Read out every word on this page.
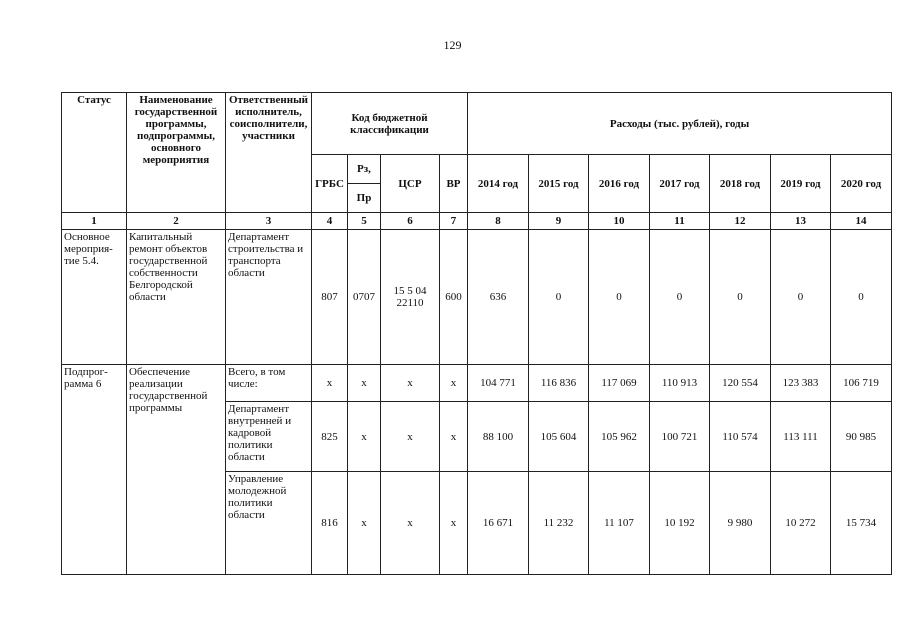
129
Статус	Наименование государственной программы, подпрограммы, основного мероприятия	Ответственный исполнитель, соисполнители, участники	Код бюджетной классификации				Расходы (тыс. рублей), годы						
			ГРБС	Рз,	ЦСР	ВР	2014 год	2015 год	2016 год	2017 год	2018 год	2019 год	2020 год
				Пр									
1	2	3	4	5	6	7	8	9	10	11	12	13	14
Основное мероприя-тие 5.4.	Капитальный ремонт объектов государственной собственности Белгородской области	Департамент строительства и транспорта области	807	0707	15 5 04 22110	600	636	0	0	0	0	0	0
Подпрог-рамма 6	Обеспечение реализации государственной программы	Всего, в том числе:	х	х	х	х	104 771	116 836	117 069	110 913	120 554	123 383	106 719
		Департамент внутренней и кадровой политики области	825	х	х	х	88 100	105 604	105 962	100 721	110 574	113 111	90 985
		Управление молодежной политики области	816	х	х	х	16 671	11 232	11 107	10 192	9 980	10 272	15 734
